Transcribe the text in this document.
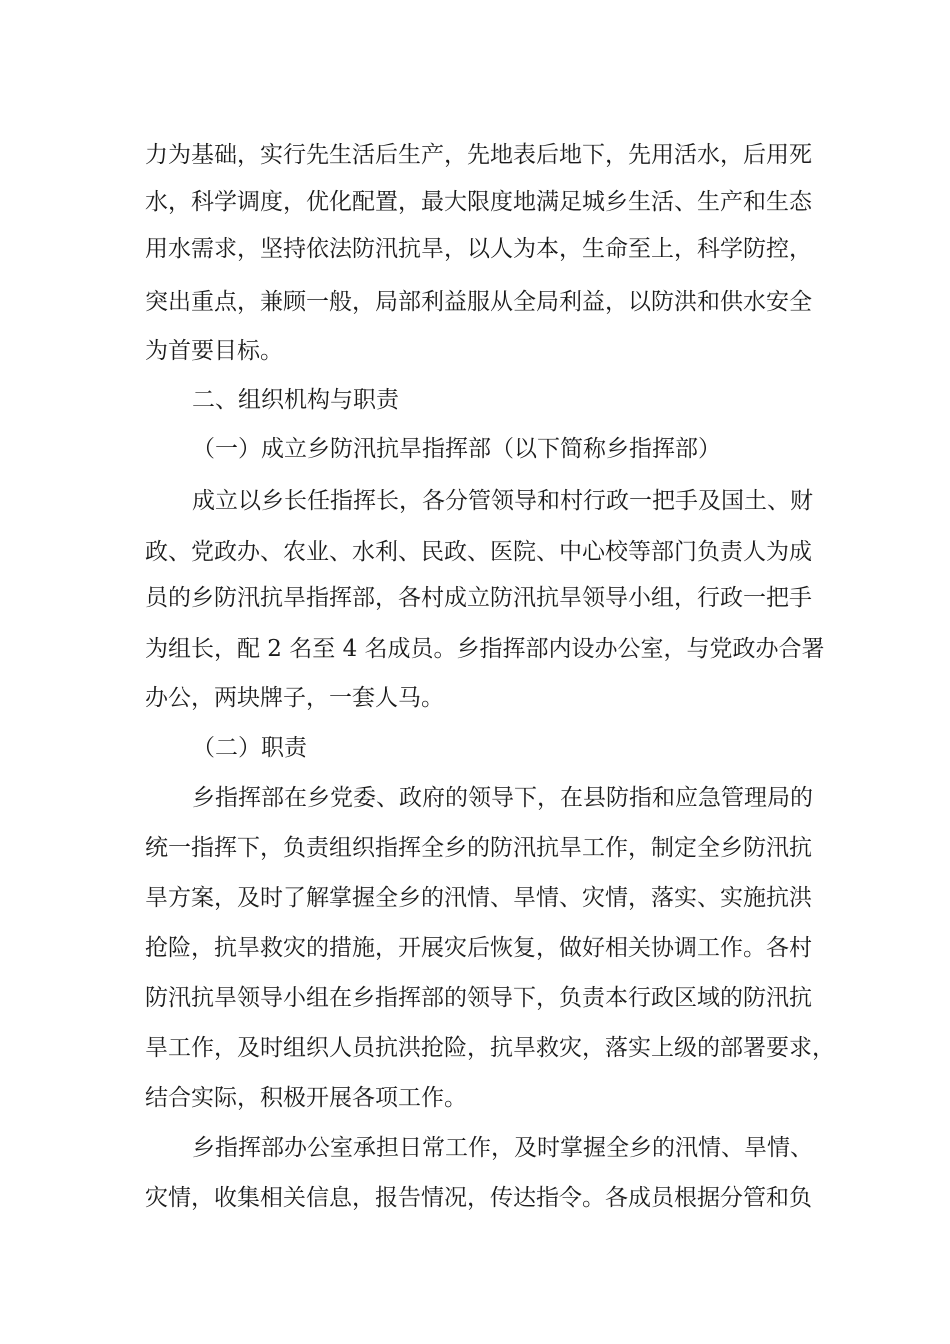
力为基础，实行先生活后生产，先地表后地下，先用活水，后用死
水，科学调度，优化配置，最大限度地满足城乡生活、生产和生态
用水需求，坚持依法防汛抗旱，以人为本，生命至上，科学防控，
突出重点，兼顾一般，局部利益服从全局利益，以防洪和供水安全
为首要目标。
二、组织机构与职责
（一）成立乡防汛抗旱指挥部（以下简称乡指挥部）
成立以乡长任指挥长，各分管领导和村行政一把手及国土、财
政、党政办、农业、水利、民政、医院、中心校等部门负责人为成
员的乡防汛抗旱指挥部，各村成立防汛抗旱领导小组，行政一把手
为组长，配 2 名至 4 名成员。乡指挥部内设办公室，与党政办合署
办公，两块牌子，一套人马。
（二）职责
乡指挥部在乡党委、政府的领导下，在县防指和应急管理局的
统一指挥下，负责组织指挥全乡的防汛抗旱工作，制定全乡防汛抗
旱方案，及时了解掌握全乡的汛情、旱情、灾情，落实、实施抗洪
抢险，抗旱救灾的措施，开展灾后恢复，做好相关协调工作。各村
防汛抗旱领导小组在乡指挥部的领导下，负责本行政区域的防汛抗
旱工作，及时组织人员抗洪抢险，抗旱救灾，落实上级的部署要求，
结合实际，积极开展各项工作。
乡指挥部办公室承担日常工作，及时掌握全乡的汛情、旱情、
灾情，收集相关信息，报告情况，传达指令。各成员根据分管和负
